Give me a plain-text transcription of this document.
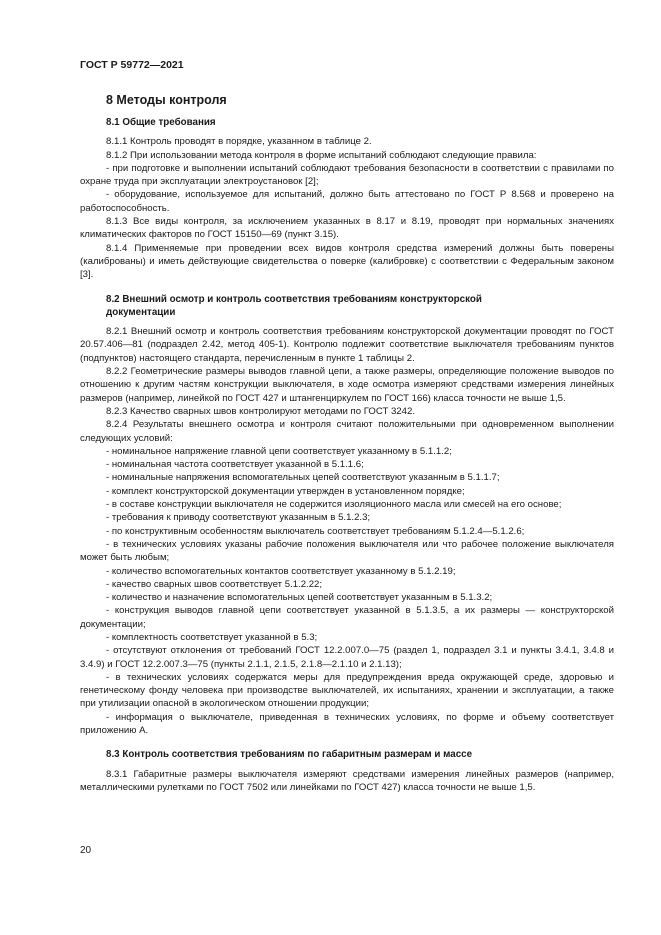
ГОСТ Р 59772—2021
8 Методы контроля
8.1 Общие требования

8.1.1 Контроль проводят в порядке, указанном в таблице 2.

8.1.2 При использовании метода контроля в форме испытаний соблюдают следующие правила:

- при подготовке и выполнении испытаний соблюдают требования безопасности в соответствии с правилами по охране труда при эксплуатации электроустановок [2];

- оборудование, используемое для испытаний, должно быть аттестовано по ГОСТ Р 8.568 и проверено на работоспособность.

8.1.3 Все виды контроля, за исключением указанных в 8.17 и 8.19, проводят при нормальных значениях климатических факторов по ГОСТ 15150—69 (пункт 3.15).

8.1.4 Применяемые при проведении всех видов контроля средства измерений должны быть поверены (калиброваны) и иметь действующие свидетельства о поверке (калибровке) с соответствии с Федеральным законом [3].

8.2 Внешний осмотр и контроль соответствия требованиям конструкторской
документации

8.2.1 Внешний осмотр и контроль соответствия требованиям конструкторской документации проводят по ГОСТ 20.57.406—81 (подраздел 2.42, метод 405-1). Контролю подлежит соответствие выключателя требованиям пунктов (подпунктов) настоящего стандарта, перечисленным в пункте 1 таблицы 2.

8.2.2 Геометрические размеры выводов главной цепи, а также размеры, определяющие положение выводов по отношению к другим частям конструкции выключателя, в ходе осмотра измеряют средствами измерения линейных размеров (например, линейкой по ГОСТ 427 и штангенциркулем по ГОСТ 166) класса точности не выше 1,5.

8.2.3 Качество сварных швов контролируют методами по ГОСТ 3242.

8.2.4 Результаты внешнего осмотра и контроля считают положительными при одновременном выполнении следующих условий:

- номинальное напряжение главной цепи соответствует указанному в 5.1.1.2;

- номинальная частота соответствует указанной в 5.1.1.6;

- номинальные напряжения вспомогательных цепей соответствуют указанным в 5.1.1.7;

- комплект конструкторской документации утвержден в установленном порядке;

- в составе конструкции выключателя не содержится изоляционного масла или смесей на его основе;

- требования к приводу соответствуют указанным в 5.1.2.3;

- по конструктивным особенностям выключатель соответствует требованиям 5.1.2.4—5.1.2.6;

- в технических условиях указаны рабочие положения выключателя или что рабочее положение выключателя может быть любым;

- количество вспомогательных контактов соответствует указанному в 5.1.2.19;

- качество сварных швов соответствует 5.1.2.22;

- количество и назначение вспомогательных цепей соответствует указанным в 5.1.3.2;

- конструкция выводов главной цепи соответствует указанной в 5.1.3.5, а их размеры — конструкторской документации;

- комплектность соответствует указанной в 5.3;

- отсутствуют отклонения от требований ГОСТ 12.2.007.0—75 (раздел 1, подраздел 3.1 и пункты 3.4.1, 3.4.8 и 3.4.9) и ГОСТ 12.2.007.3—75 (пункты 2.1.1, 2.1.5, 2.1.8—2.1.10 и 2.1.13);

- в технических условиях содержатся меры для предупреждения вреда окружающей среде, здоровью и генетическому фонду человека при производстве выключателей, их испытаниях, хранении и эксплуатации, а также при утилизации опасной в экологическом отношении продукции;

- информация о выключателе, приведенная в технических условиях, по форме и объему соответствует приложению А.

8.3 Контроль соответствия требованиям по габаритным размерам и массе

8.3.1 Габаритные размеры выключателя измеряют средствами измерения линейных размеров (например, металлическими рулетками по ГОСТ 7502 или линейками по ГОСТ 427) класса точности не выше 1,5.

20
